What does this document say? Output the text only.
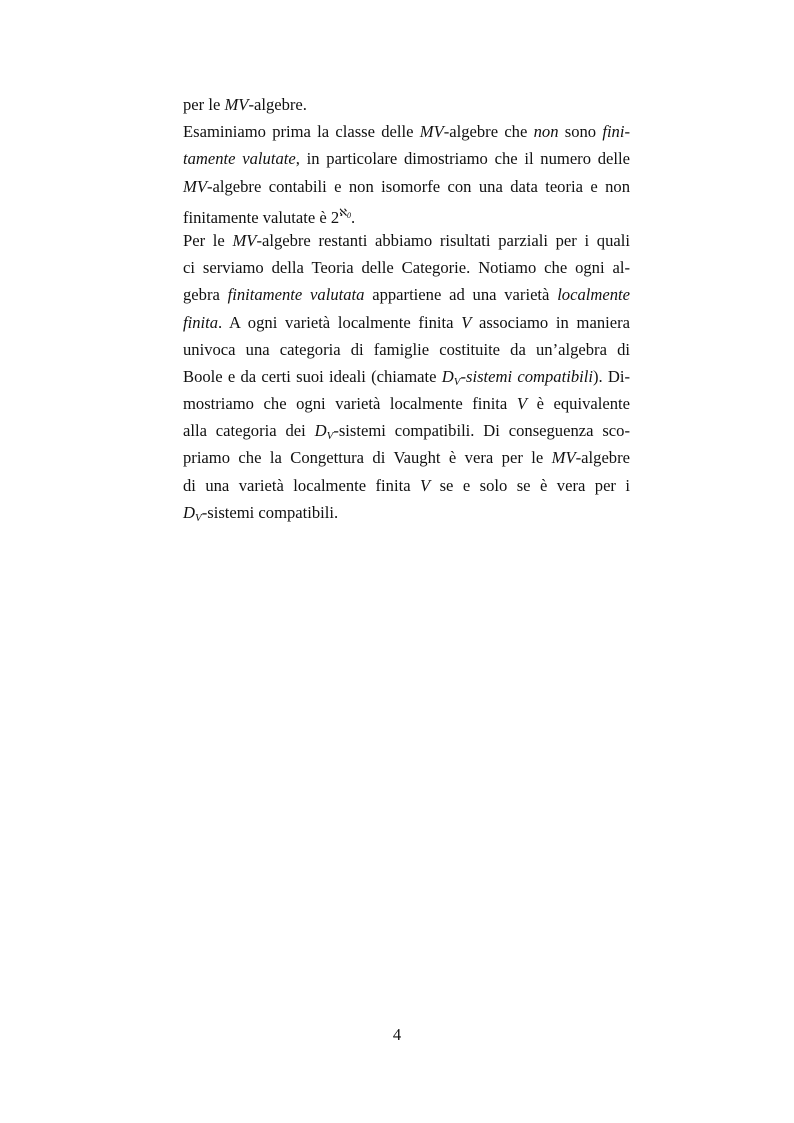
per le MV-algebre.
Esaminiamo prima la classe delle MV-algebre che non sono fini-
tamente valutate, in particolare dimostriamo che il numero delle
MV-algebre contabili e non isomorfe con una data teoria e non
finitamente valutate è $2^{ℵ_0}$.
Per le MV-algebre restanti abbiamo risultati parziali per i quali
ci serviamo della Teoria delle Categorie. Notiamo che ogni al-
gebra finitamente valutata appartiene ad una varietà localmente
finita. A ogni varietà localmente finita V associamo in maniera
univoca una categoria di famiglie costituite da un’algebra di
Boole e da certi suoi ideali (chiamate $D_V$-sistemi compatibili). Di-
mostriamo che ogni varietà localmente finita V è equivalente
alla categoria dei $D_V$-sistemi compatibili. Di conseguenza sco-
priamo che la Congettura di Vaught è vera per le MV-algebre
di una varietà localmente finita V se e solo se è vera per i
$D_V$-sistemi compatibili.
4
